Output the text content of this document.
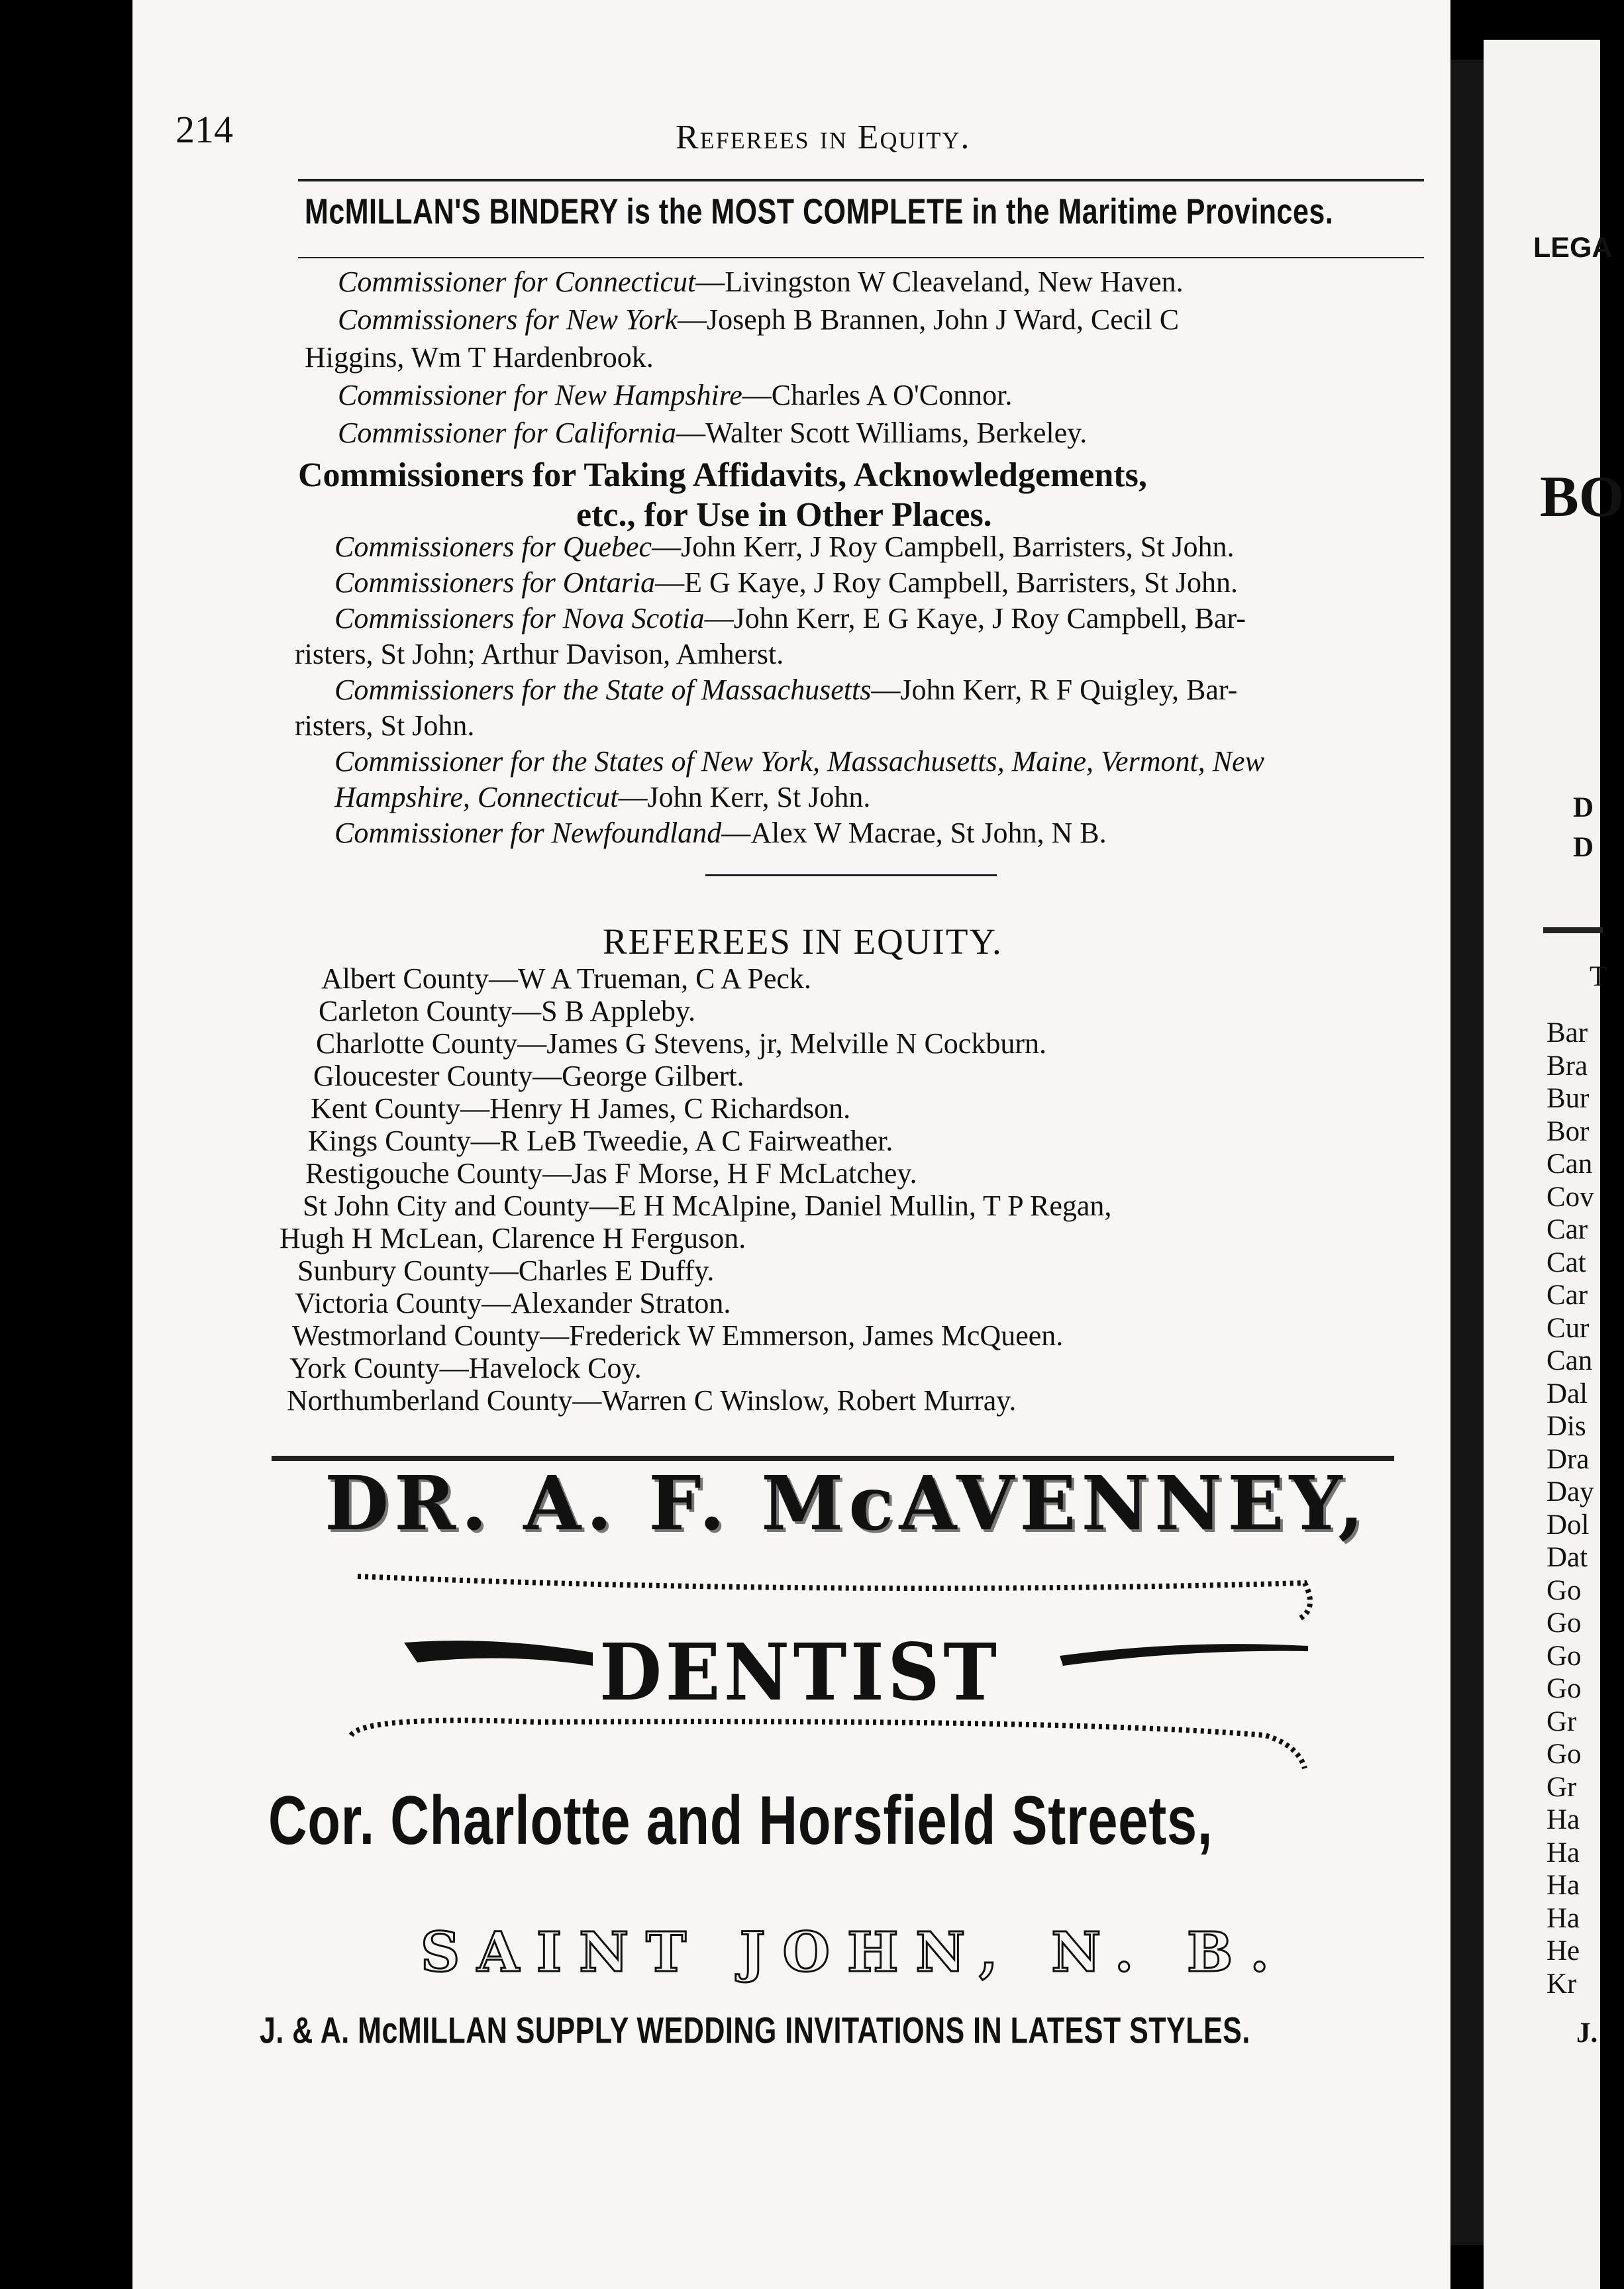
214	Referees in Equity.
McMILLAN'S BINDERY is the MOST COMPLETE in the Maritime Provinces.
Commissioner for Connecticut—Livingston W Cleaveland, New Haven.
Commissioners for New York—Joseph B Brannen, John J Ward, Cecil C
Higgins, Wm T Hardenbrook.
Commissioner for New Hampshire—Charles A O'Connor.
Commissioner for California—Walter Scott Williams, Berkeley.
Commissioners for Taking Affidavits, Acknowledgements,
etc., for Use in Other Places.
Commissioners for Quebec—John Kerr, J Roy Campbell, Barristers, St John.
Commissioners for Ontaria—E G Kaye, J Roy Campbell, Barristers, St John.
Commissioners for Nova Scotia—John Kerr, E G Kaye, J Roy Campbell, Bar-
risters, St John; Arthur Davison, Amherst.
Commissioners for the State of Massachusetts—John Kerr, R F Quigley, Bar-
risters, St John.
Commissioner for the States of New York, Massachusetts, Maine, Vermont, New
Hampshire, Connecticut—John Kerr, St John.
Commissioner for Newfoundland—Alex W Macrae, St John, N B.
REFEREES IN EQUITY.
Albert County—W A Trueman, C A Peck.
Carleton County—S B Appleby.
Charlotte County—James G Stevens, jr, Melville N Cockburn.
Gloucester County—George Gilbert.
Kent County—Henry H James, C Richardson.
Kings County—R LeB Tweedie, A C Fairweather.
Restigouche County—Jas F Morse, H F McLatchey.
St John City and County—E H McAlpine, Daniel Mullin, T P Regan,
Hugh H McLean, Clarence H Ferguson.
Sunbury County—Charles E Duffy.
Victoria County—Alexander Straton.
Westmorland County—Frederick W Emmerson, James McQueen.
York County—Havelock Coy.
Northumberland County—Warren C Winslow, Robert Murray.
DR. A. F. McAVENNEY,
DENTIST
Cor. Charlotte and Horsfield Streets,
SAINT JOHN, N. B.
J. & A. McMILLAN SUPPLY WEDDING INVITATIONS IN LATEST STYLES.
LEGA
BO
D
D
T
Bar
Bra
Bur
Bor
Can
Cov
Car
Cat
Car
Cur
Can
Dal
Dis
Dra
Day
Dol
Dat
Go
Go
Go
Go
Gr
Go
Gr
Ha
Ha
Ha
Ha
He
Kr
J.
